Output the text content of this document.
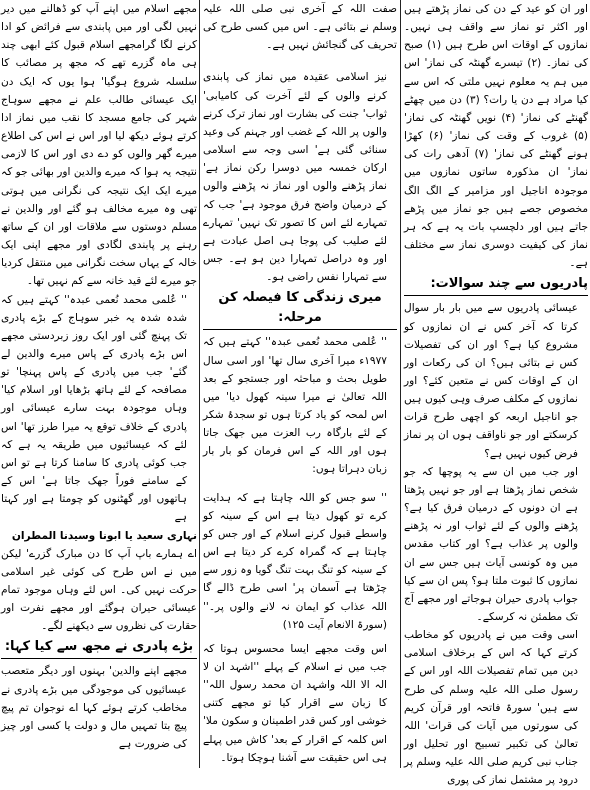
اور ان کو عید کے دن کی نماز پڑھتے ہیں اور اکثر تو نماز سے واقف ہی نہیں۔ نمازوں کے اوقات اس طرح ہیں (۱) صبح کی نماز۔ (۲) تیسرے گھنٹہ کی نماز' اس میں ہم یہ معلوم نہیں ملتی کہ اس سے کیا مراد ہے دن یا رات؟ (۳) دن میں چھٹے گھنٹے کی نماز' (۴) نویں گھنٹہ کی نماز' (۵) غروب کے وقت کی نماز' (۶) کھڑا ہونے گھنٹے کی نماز' (۷) آدھی رات کی نماز' ان مذکورہ ساتوں نمازوں میں موجودہ اناجیل اور مزامیر کے الگ الگ مخصوص جصے ہیں جو نماز میں پڑھے جاتے ہیں اور دلچسپ بات یہ ہے کہ ہر نماز کی کیفیت دوسری نماز سے مختلف ہے۔

پادریوں سے چند سوالات:

عیسائی پادریوں سے میں بار بار سوال کرتا کہ آخر کس نے ان نمازوں کو مشروع کیا ہے؟ اور ان کی تفصیلات کس نے بتائی ہیں؟ ان کی رکعات اور ان کے اوقات کس نے متعین کئے؟ اور نمازوں کے مکلف صرف وہی کیوں ہیں جو اناجیل اربعہ کو اچھی طرح قرات کرسکتے اور جو ناواقف ہوں ان پر نماز فرض کیوں نہیں ہے؟

اور جب میں ان سے یہ پوچھا کہ جو شخص نماز پڑھتا ہے اور جو نہیں پڑھتا ہے ان دونوں کے درمیان فرق کیا ہے؟ پڑھنے والوں کے لئے ثواب اور نہ پڑھنے والوں پر عذاب ہے؟ اور کتاب مقدس میں وہ کونسی آیات ہیں جس سے ان نمازوں کا ثبوت ملتا ہو؟ پس ان سے کیا جواب پادری حیران ہوجاتے اور مجھے آج تک مطمئن نہ کرسکے۔

اسی وقت میں نے پادریوں کو مخاطب کرتے کہا کہ اس کے برخلاف اسلامی دین میں تمام تفصیلات اللہ اور اس کے رسول صلی اللہ علیہ وسلم کی طرح سے ہیں' سورۃ فاتحہ اور قرآن کریم کی سورتوں میں آیات کی قرات' اللہ تعالیٰ کی تکبیر تسبیح اور تحلیل اور جناب نبی کریم صلی اللہ علیہ وسلم پر درود پر مشتمل نماز کی پوری

صفت اللہ کے آخری نبی صلی اللہ علیہ وسلم نے بتائی ہے۔ اس میں کسی طرح کی تحریف کی گنجائش نہیں ہے۔

نیز اسلامی عقیدہ میں نماز کی پابندی کرنے والوں کے لئے آخرت کی کامیابی' ثواب' جنت کی بشارت اور نماز ترک کرنے والوں پر اللہ کے غضب اور جہنم کی وعید سنائی گئی ہے' اسی وجہ سے اسلامی ارکان خمسہ میں دوسرا رکن نماز ہے' نماز پڑھنے والوں اور نماز نہ پڑھنے والوں کے درمیان واضح فرق موجود ہے' جب کہ تمہارے لئے اس کا تصور تک نہیں' تمہارے لئے صلیب کی پوجا ہی اصل عبادت ہے اور وہ دراصل تمہارا دین ہو ہے۔ جس سے تمہارا نفس راضی ہو۔

میری زندگی کا فیصلہ کن مرحلہ:

'' عُلمی محمد نُعمی عبدہ'' کہتے ہیں کہ ۱۹۷۷ء میرا آخری سال تھا' اور اسی سال طویل بحث و مباحثہ اور جستجو کے بعد اللہ تعالیٰ نے میرا سینہ کھول دیا' میں اس لمحہ کو یاد کرتا ہوں تو سجدۂ شکر کے لئے بارگاہ رب العزت میں جھک جاتا ہوں اور اللہ کے اس فرمان کو بار بار زبان دہراتا ہوں:

'' سو جس کو اللہ چاہتا ہے کہ ہدایت کرے تو کھول دیتا ہے اس کے سینہ کو واسطے قبول کرنے اسلام کے اور جس کو چاہتا ہے کہ گمراہ کرے کر دیتا ہے اس کے سینہ کو تنگ بہت تنگ گویا وہ زور سے چڑھتا ہے آسمان پر' اسی طرح ڈالے گا اللہ عذاب کو ایمان نہ لانے والوں پر۔'' (سورۃ الانعام آیت ۱۲۵)

اس وقت مجھے ایسا محسوس ہوتا کہ جب میں نے اسلام کے پہلے ''اشہد ان لا الہ الا اللہ واشہد ان محمد رسول اللہ'' کا زبان سے اقرار کیا تو مجھے کتنی خوشی اور کس قدر اطمینان و سکون ملا' اس کلمہ کے اقرار کے بعد' کاش میں پہلے ہی اس حقیقت سے آشنا ہوچکا ہوتا۔

مجھے اسلام میں اپنے آپ کو ڈھالنے میں دیر نہیں لگی اور میں پابندی سے فرائض کو ادا کرنے لگا گرامجھے اسلام قبول کئے ابھی چند ہی ماہ گزرے تھے کہ مجھ پر مصائب کا سلسلہ شروع ہوگیا' ہوا یوں کہ ایک دن ایک عیسائی طالب علم نے مجھے سوہاج شہر کی جامع مسجد کا نقب میں نماز ادا کرتے ہوئے دیکھ لیا اور اس نے اس کی اطلاع میرے گھر والوں کو دے دی اور اس کا لازمی نتیجہ یہ ہوا کہ میرے والدین اور بھائی جو کہ میرے ایک ایک نتیجہ کی نگرانی میں ہوتی تھی وہ میرے مخالف ہو گئے اور والدین نے مسلم دوستوں سے ملاقات اور ان کے ساتھ رہنے پر پابندی لگادی اور مجھے اپنی ایک خالہ کے یہاں سخت نگرانی میں منتقل کردیا جو میرے لئے قید خانہ سے کم نہیں تھا۔

'' عُلمی محمد نُعمی عبدہ'' کہتے ہیں کہ شدہ شدہ یہ خبر سوہاج کے بڑے پادری تک پہنچ گئی اور ایک روز زبردستی مجھے اس بڑے پادری کے پاس میرے والدین لے گئے' جب میں پادری کے پاس پہنچا' تو مصافحہ کے لئے ہاتھ بڑھایا اور اسلام کیا' وہاں موجودہ بہت سارے عیسائی اور پادری کے خلاف توقع یہ میرا طرز تھا' اس لئے کہ عیسائیوں میں طریقہ یہ ہے کہ جب کوئی پادری کا سامنا کرتا ہے تو اس کے سامنے فوراً جھک جاتا ہے' اس کے ہاتھوں اور گھٹنوں کو چومتا ہے اور کہتا ہے

نہاری سعید یا ابونا وسیدنا المطران

اے ہمارے باپ آپ کا دن مبارک گزرے' لیکن میں نے اس طرح کی کوئی غیر اسلامی حرکت نہیں کی۔ اس لئے وہاں موجود تمام عیسائی حیران ہوگئے اور مجھے نفرت اور حقارت کی نظروں سے دیکھنے لگے۔

بڑے پادری نے مجھ سے کیا کہا:

مجھے اپنے والدین' بہنوں اور دیگر متعصب عیسائیوں کی موجودگی میں بڑے پادری نے مخاطب کرتے ہوئے کہا اے نوجوان تم پیچ پیچ بتا تمہیں مال و دولت یا کسی اور چیز کی ضرورت ہے
